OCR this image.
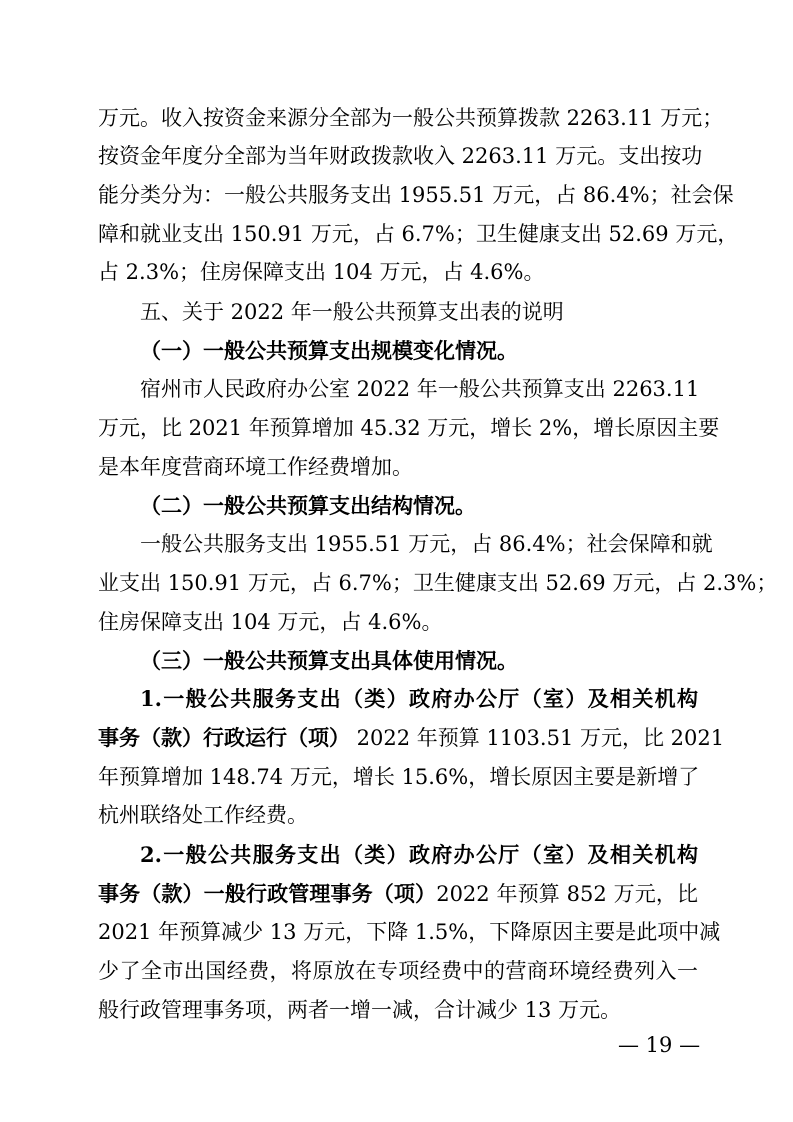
万元。收入按资金来源分全部为一般公共预算拨款 2263.11 万元；
按资金年度分全部为当年财政拨款收入 2263.11 万元。支出按功
能分类分为：一般公共服务支出 1955.51 万元，占 86.4%；社会保
障和就业支出 150.91 万元，占 6.7%；卫生健康支出 52.69 万元，
占 2.3%；住房保障支出 104 万元，占 4.6%。
五、关于 2022 年一般公共预算支出表的说明
（一）一般公共预算支出规模变化情况。
宿州市人民政府办公室 2022 年一般公共预算支出 2263.11
万元，比 2021 年预算增加 45.32 万元，增长 2%，增长原因主要
是本年度营商环境工作经费增加。
（二）一般公共预算支出结构情况。
一般公共服务支出 1955.51 万元，占 86.4%；社会保障和就
业支出 150.91 万元，占 6.7%；卫生健康支出 52.69 万元，占 2.3%；
住房保障支出 104 万元，占 4.6%。
（三）一般公共预算支出具体使用情况。
1.一般公共服务支出（类）政府办公厅（室）及相关机构
事务（款）行政运行（项） 2022 年预算 1103.51 万元，比 2021
年预算增加 148.74 万元，增长 15.6%，增长原因主要是新增了
杭州联络处工作经费。
2.一般公共服务支出（类）政府办公厅（室）及相关机构
事务（款）一般行政管理事务（项）2022 年预算 852 万元，比
2021 年预算减少 13 万元，下降 1.5%，下降原因主要是此项中减
少了全市出国经费，将原放在专项经费中的营商环境经费列入一
般行政管理事务项，两者一增一减，合计减少 13 万元。
— 19 —
